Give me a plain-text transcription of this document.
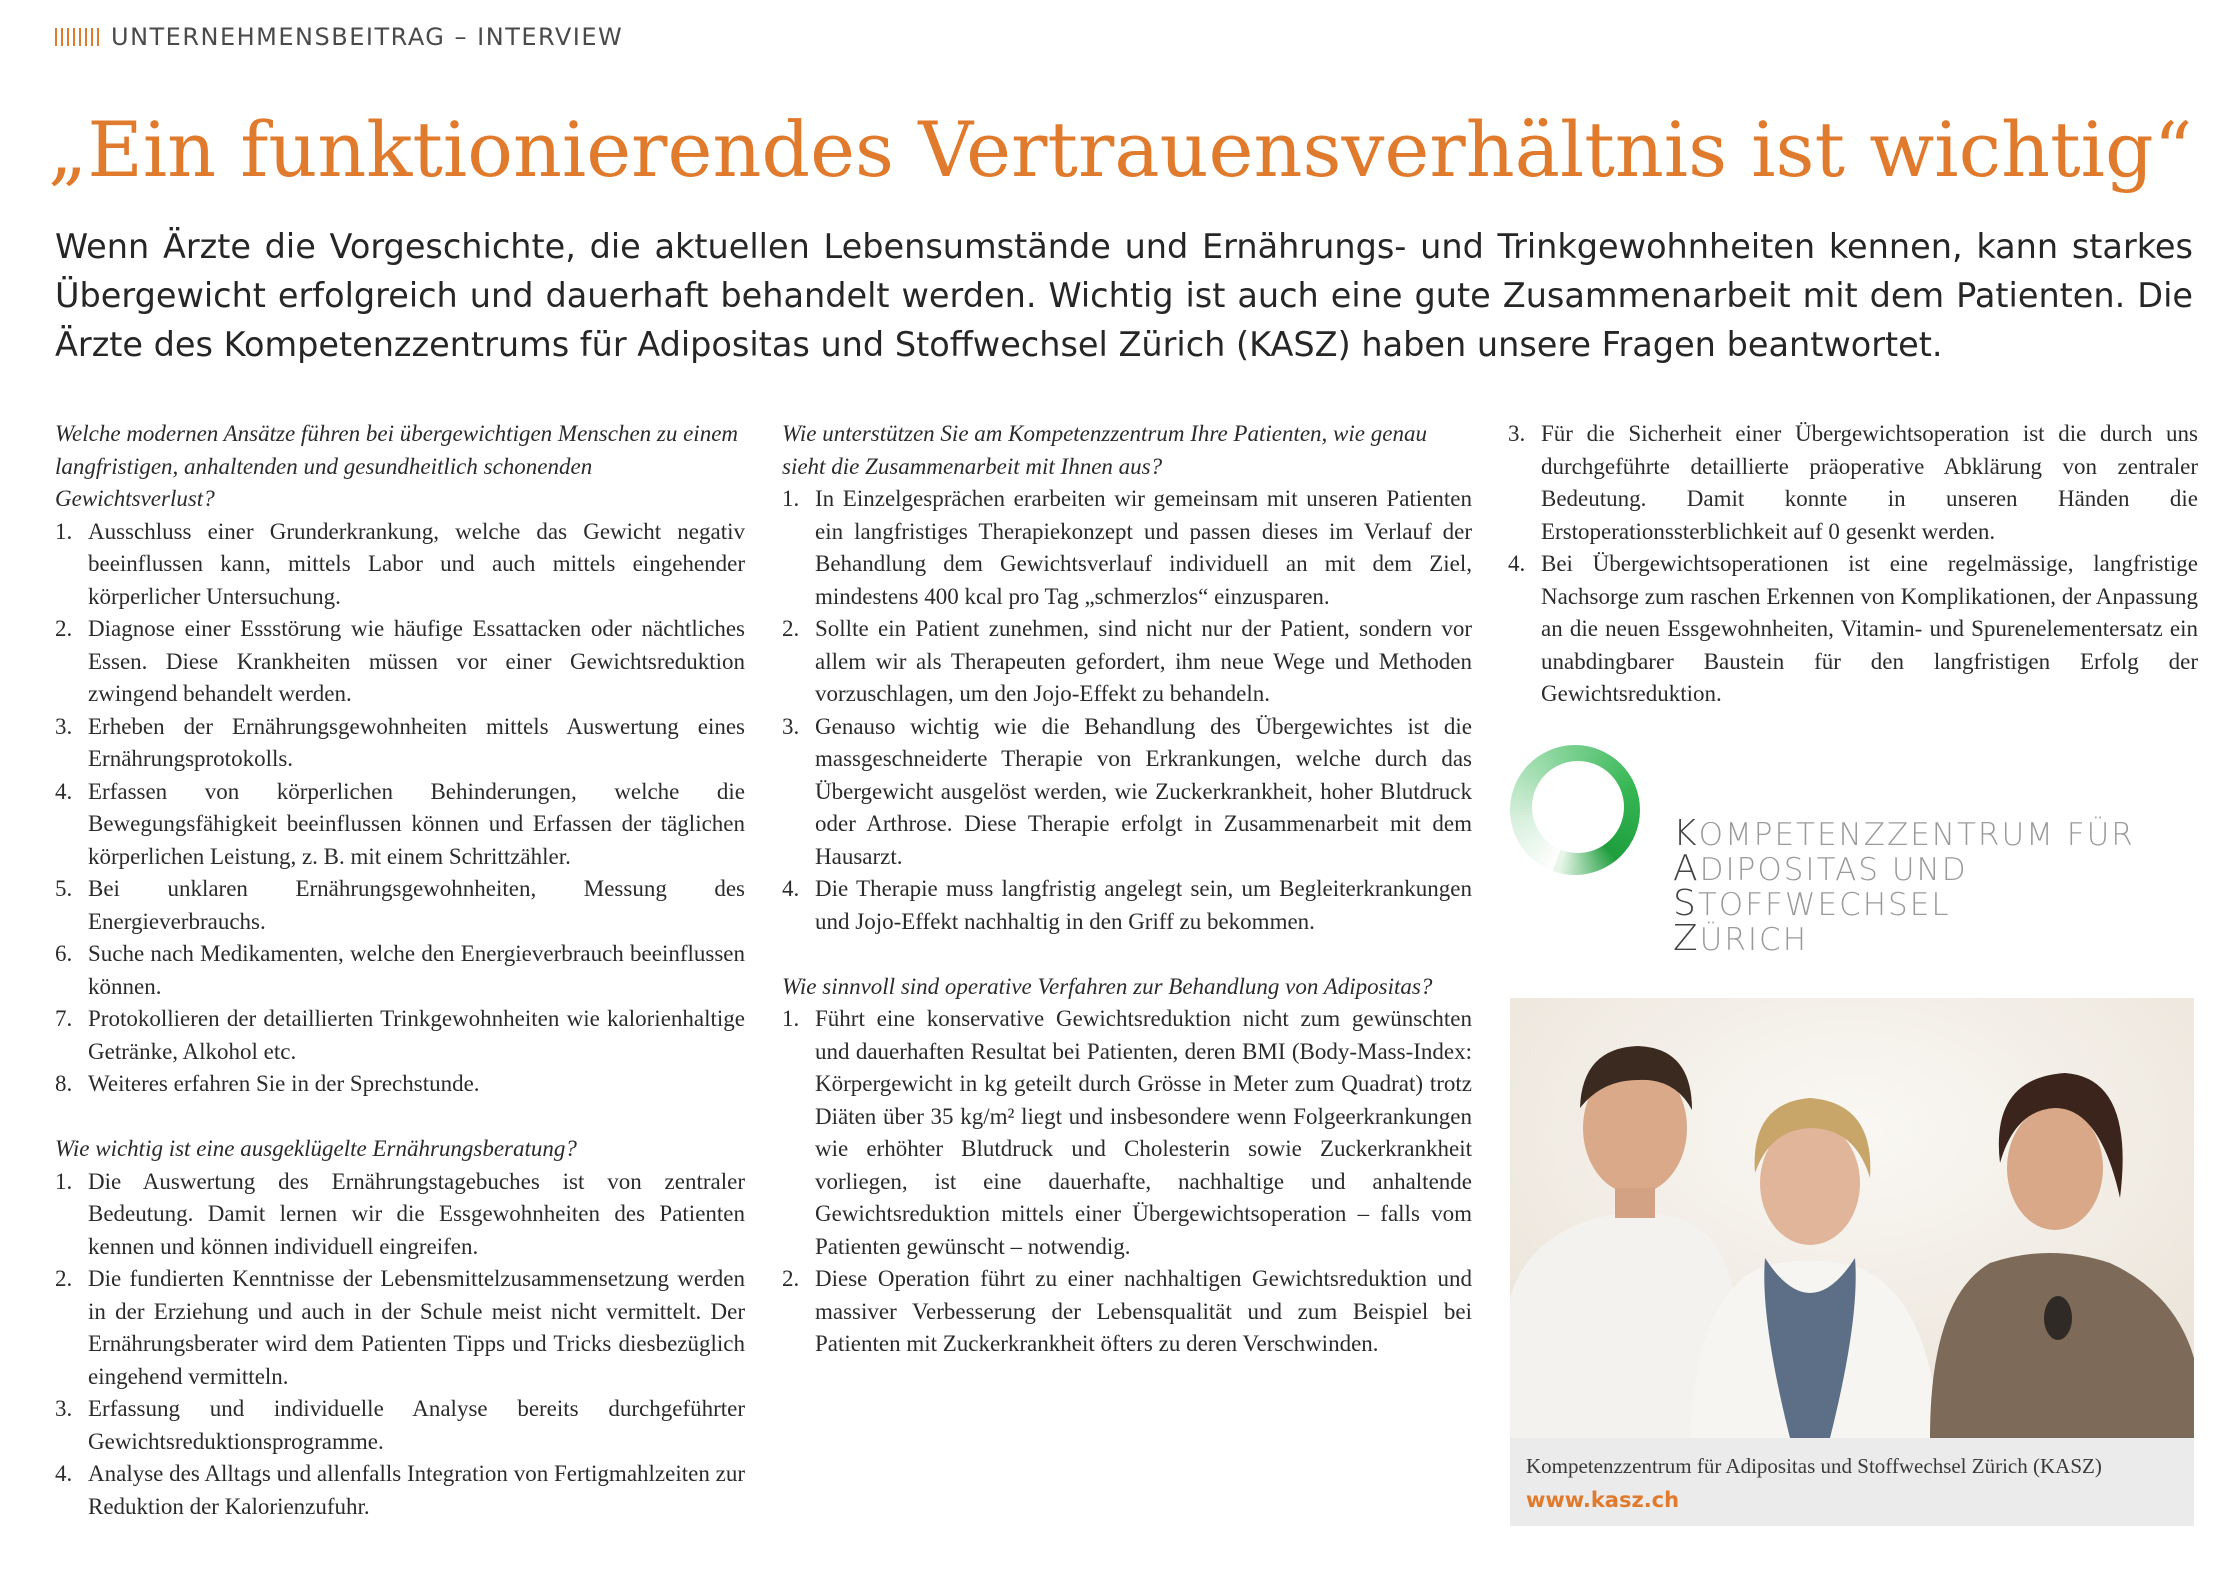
UNTERNEHMENSBEITRAG – INTERVIEW
„Ein funktionierendes Vertrauensverhältnis ist wichtig“

Wenn Ärzte die Vorgeschichte, die aktuellen Lebensumstände und Ernährungs- und Trinkgewohnheiten kennen, kann starkes Übergewicht erfolgreich und dauerhaft behandelt werden. Wichtig ist auch eine gute Zusammenarbeit mit dem Patienten. Die Ärzte des Kompetenzzentrums für Adipositas und Stoffwechsel Zürich (KASZ) haben unsere Fragen beantwortet.

Welche modernen Ansätze führen bei übergewichtigen Menschen zu einem langfristigen, anhaltenden und gesundheitlich schonenden Gewichtsverlust?

1. Ausschluss einer Grunderkrankung, welche das Gewicht negativ beeinflussen kann, mittels Labor und auch mittels eingehender körperlicher Untersuchung.
2. Diagnose einer Essstörung wie häufige Essattacken oder nächtliches Essen. Diese Krankheiten müssen vor einer Gewichtsreduktion zwingend behandelt werden.
3. Erheben der Ernährungsgewohnheiten mittels Auswertung eines Ernährungsprotokolls.
4. Erfassen von körperlichen Behinderungen, welche die Bewegungsfähigkeit beeinflussen können und Erfassen der täglichen körperlichen Leistung, z. B. mit einem Schrittzähler.
5. Bei unklaren Ernährungsgewohnheiten, Messung des Energieverbrauchs.
6. Suche nach Medikamenten, welche den Energieverbrauch beeinflussen können.
7. Protokollieren der detaillierten Trinkgewohnheiten wie kalorienhaltige Getränke, Alkohol etc.
8. Weiteres erfahren Sie in der Sprechstunde.

Wie wichtig ist eine ausgeklügelte Ernährungsberatung?

1. Die Auswertung des Ernährungstagebuches ist von zentraler Bedeutung. Damit lernen wir die Essgewohnheiten des Patienten kennen und können individuell eingreifen.
2. Die fundierten Kenntnisse der Lebensmittelzusammensetzung werden in der Erziehung und auch in der Schule meist nicht vermittelt. Der Ernährungsberater wird dem Patienten Tipps und Tricks diesbezüglich eingehend vermitteln.
3. Erfassung und individuelle Analyse bereits durchgeführter Gewichtsreduktionsprogramme.
4. Analyse des Alltags und allenfalls Integration von Fertigmahlzeiten zur Reduktion der Kalorienzufuhr.

Wie unterstützen Sie am Kompetenzzentrum Ihre Patienten, wie genau sieht die Zusammenarbeit mit Ihnen aus?

1. In Einzelgesprächen erarbeiten wir gemeinsam mit unseren Patienten ein langfristiges Therapiekonzept und passen dieses im Verlauf der Behandlung dem Gewichtsverlauf individuell an mit dem Ziel, mindestens 400 kcal pro Tag „schmerzlos“ einzusparen.
2. Sollte ein Patient zunehmen, sind nicht nur der Patient, sondern vor allem wir als Therapeuten gefordert, ihm neue Wege und Methoden vorzuschlagen, um den Jojo-Effekt zu behandeln.
3. Genauso wichtig wie die Behandlung des Übergewichtes ist die massgeschneiderte Therapie von Erkrankungen, welche durch das Übergewicht ausgelöst werden, wie Zuckerkrankheit, hoher Blutdruck oder Arthrose. Diese Therapie erfolgt in Zusammenarbeit mit dem Hausarzt.
4. Die Therapie muss langfristig angelegt sein, um Begleiterkrankungen und Jojo-Effekt nachhaltig in den Griff zu bekommen.

Wie sinnvoll sind operative Verfahren zur Behandlung von Adipositas?

1. Führt eine konservative Gewichtsreduktion nicht zum gewünschten und dauerhaften Resultat bei Patienten, deren BMI (Body-Mass-Index: Körpergewicht in kg geteilt durch Grösse in Meter zum Quadrat) trotz Diäten über 35 kg/m² liegt und insbesondere wenn Folgeerkrankungen wie erhöhter Blutdruck und Cholesterin sowie Zuckerkrankheit vorliegen, ist eine dauerhafte, nachhaltige und anhaltende Gewichtsreduktion mittels einer Übergewichtsoperation – falls vom Patienten gewünscht – notwendig.
2. Diese Operation führt zu einer nachhaltigen Gewichtsreduktion und massiver Verbesserung der Lebensqualität und zum Beispiel bei Patienten mit Zuckerkrankheit öfters zu deren Verschwinden.
3. Für die Sicherheit einer Übergewichtsoperation ist die durch uns durchgeführte detaillierte präoperative Abklärung von zentraler Bedeutung. Damit konnte in unseren Händen die Erstoperationssterblichkeit auf 0 gesenkt werden.
4. Bei Übergewichtsoperationen ist eine regelmässige, langfristige Nachsorge zum raschen Erkennen von Komplikationen, der Anpassung an die neuen Essgewohnheiten, Vitamin- und Spurenelementersatz ein unabdingbarer Baustein für den langfristigen Erfolg der Gewichtsreduktion.
KOMPETENZZENTRUM FÜR
ADIPOSITAS UND
STOFFWECHSEL
ZÜRICH
Kompetenzzentrum für Adipositas und Stoffwechsel Zürich (KASZ)
www.kasz.ch
